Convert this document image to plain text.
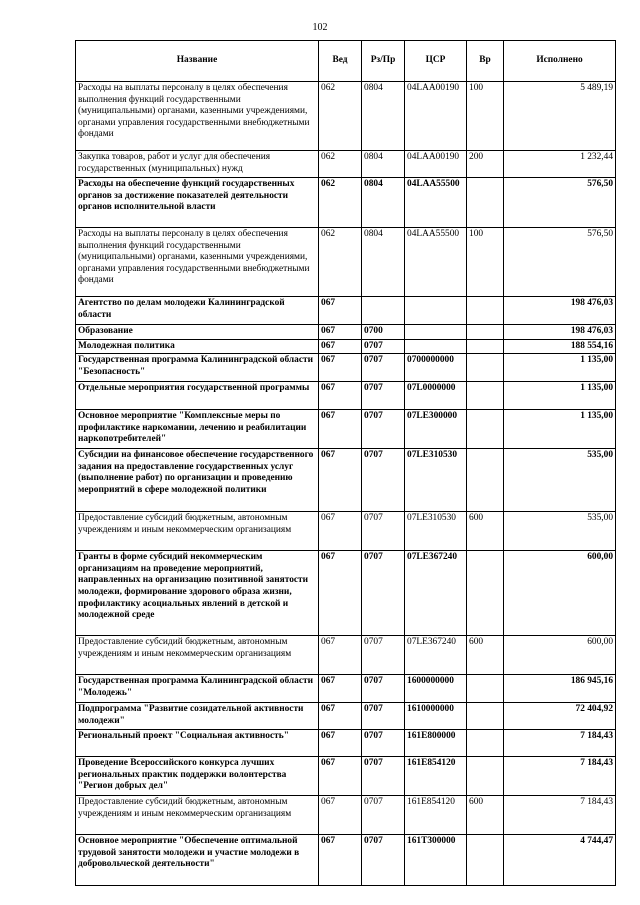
102
Название	Вед	Рз/Пр	ЦСР	Вр	Исполнено
Расходы на выплаты персоналу в целях обеспечения выполнения функций государственными (муниципальными) органами, казенными учреждениями, органами управления государственными внебюджетными фондами	062	0804	04LAA00190	100	5 489,19
Закупка товаров, работ и услуг для обеспечения государственных (муниципальных) нужд	062	0804	04LAA00190	200	1 232,44
Расходы на обеспечение функций государственных органов за достижение показателей деятельности органов исполнительной власти	062	0804	04LAA55500		576,50
Расходы на выплаты персоналу в целях обеспечения выполнения функций государственными (муниципальными) органами, казенными учреждениями, органами управления государственными внебюджетными фондами	062	0804	04LAA55500	100	576,50
Агентство по делам молодежи Калининградской области	067				198 476,03
Образование	067	0700			198 476,03
Молодежная политика	067	0707			188 554,16
Государственная программа Калининградской области "Безопасность"	067	0707	0700000000		1 135,00
Отдельные мероприятия государственной программы	067	0707	07L0000000		1 135,00
Основное мероприятие "Комплексные меры по профилактике наркомании, лечению и реабилитации наркопотребителей"	067	0707	07LE300000		1 135,00
Субсидии на финансовое обеспечение государственного задания на предоставление государственных услуг (выполнение работ) по организации и проведению мероприятий в сфере молодежной политики	067	0707	07LE310530		535,00
Предоставление субсидий бюджетным, автономным учреждениям и иным некоммерческим организациям	067	0707	07LE310530	600	535,00
Гранты в форме субсидий некоммерческим организациям на проведение мероприятий, направленных на организацию позитивной занятости молодежи, формирование здорового образа жизни, профилактику асоциальных явлений в детской и молодежной среде	067	0707	07LE367240		600,00
Предоставление субсидий бюджетным, автономным учреждениям и иным некоммерческим организациям	067	0707	07LE367240	600	600,00
Государственная программа Калининградской области "Молодежь"	067	0707	1600000000		186 945,16
Подпрограмма "Развитие созидательной активности молодежи"	067	0707	1610000000		72 404,92
Региональный проект "Социальная активность"	067	0707	161E800000		7 184,43
Проведение Всероссийского конкурса лучших региональных практик поддержки волонтерства "Регион добрых дел"	067	0707	161E854120		7 184,43
Предоставление субсидий бюджетным, автономным учреждениям и иным некоммерческим организациям	067	0707	161E854120	600	7 184,43
Основное мероприятие "Обеспечение оптимальной трудовой занятости молодежи и участие молодежи в добровольческой деятельности"	067	0707	161Т300000		4 744,47
